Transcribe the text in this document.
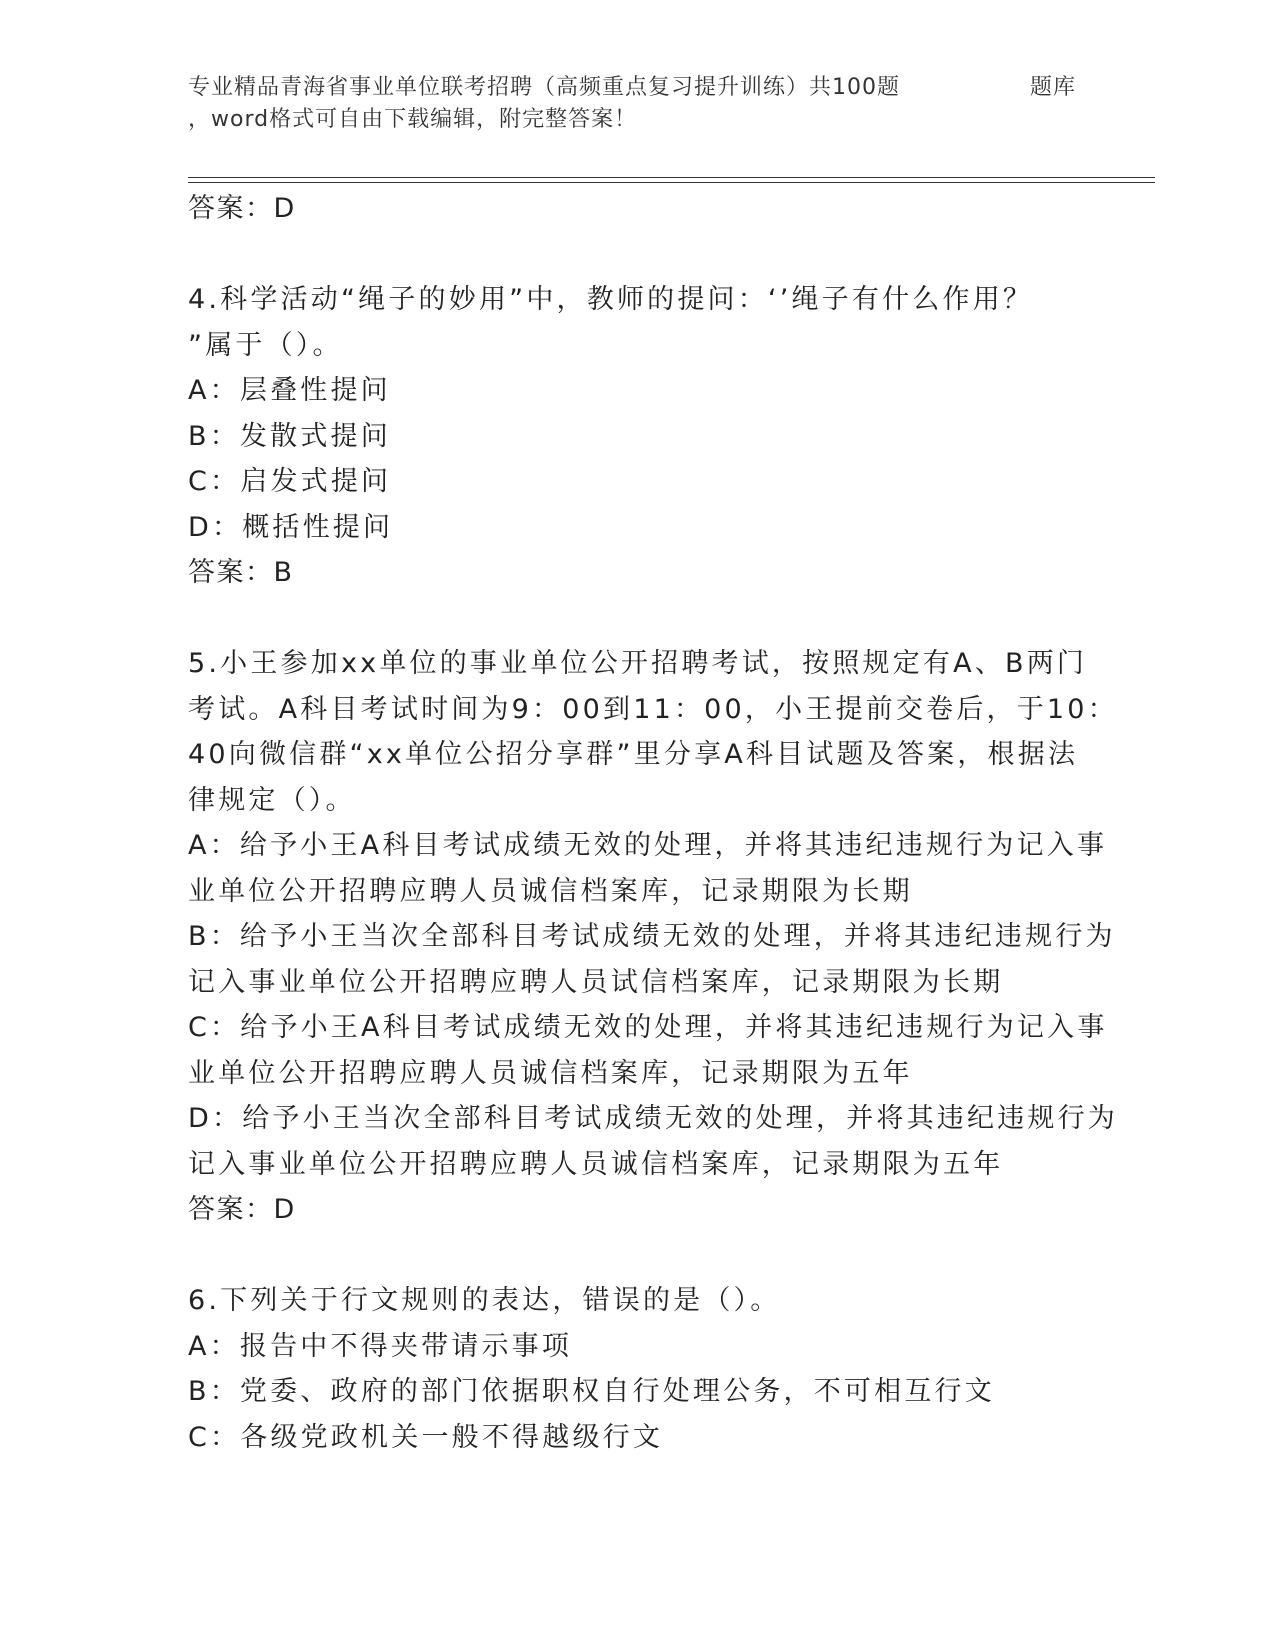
专业精品青海省事业单位联考招聘（高频重点复习提升训练）共100题	题库
，word格式可自由下载编辑，附完整答案！
答案：D
4.科学活动“绳子的妙用”中，教师的提问：‘’绳子有什么作用？
”属于（）。
A：层叠性提问
B：发散式提问
C：启发式提问
D：概括性提问
答案：B
5.小王参加xx单位的事业单位公开招聘考试，按照规定有A、B两门
考试。A科目考试时间为9：00到11：00，小王提前交卷后，于10：
40向微信群“xx单位公招分享群”里分享A科目试题及答案，根据法
律规定（）。
A：给予小王A科目考试成绩无效的处理，并将其违纪违规行为记入事
业单位公开招聘应聘人员诚信档案库，记录期限为长期
B：给予小王当次全部科目考试成绩无效的处理，并将其违纪违规行为
记入事业单位公开招聘应聘人员试信档案库，记录期限为长期
C：给予小王A科目考试成绩无效的处理，并将其违纪违规行为记入事
业单位公开招聘应聘人员诚信档案库，记录期限为五年
D：给予小王当次全部科目考试成绩无效的处理，并将其违纪违规行为
记入事业单位公开招聘应聘人员诚信档案库，记录期限为五年
答案：D
6.下列关于行文规则的表达，错误的是（）。
A：报告中不得夹带请示事项
B：党委、政府的部门依据职权自行处理公务，不可相互行文
C：各级党政机关一般不得越级行文
